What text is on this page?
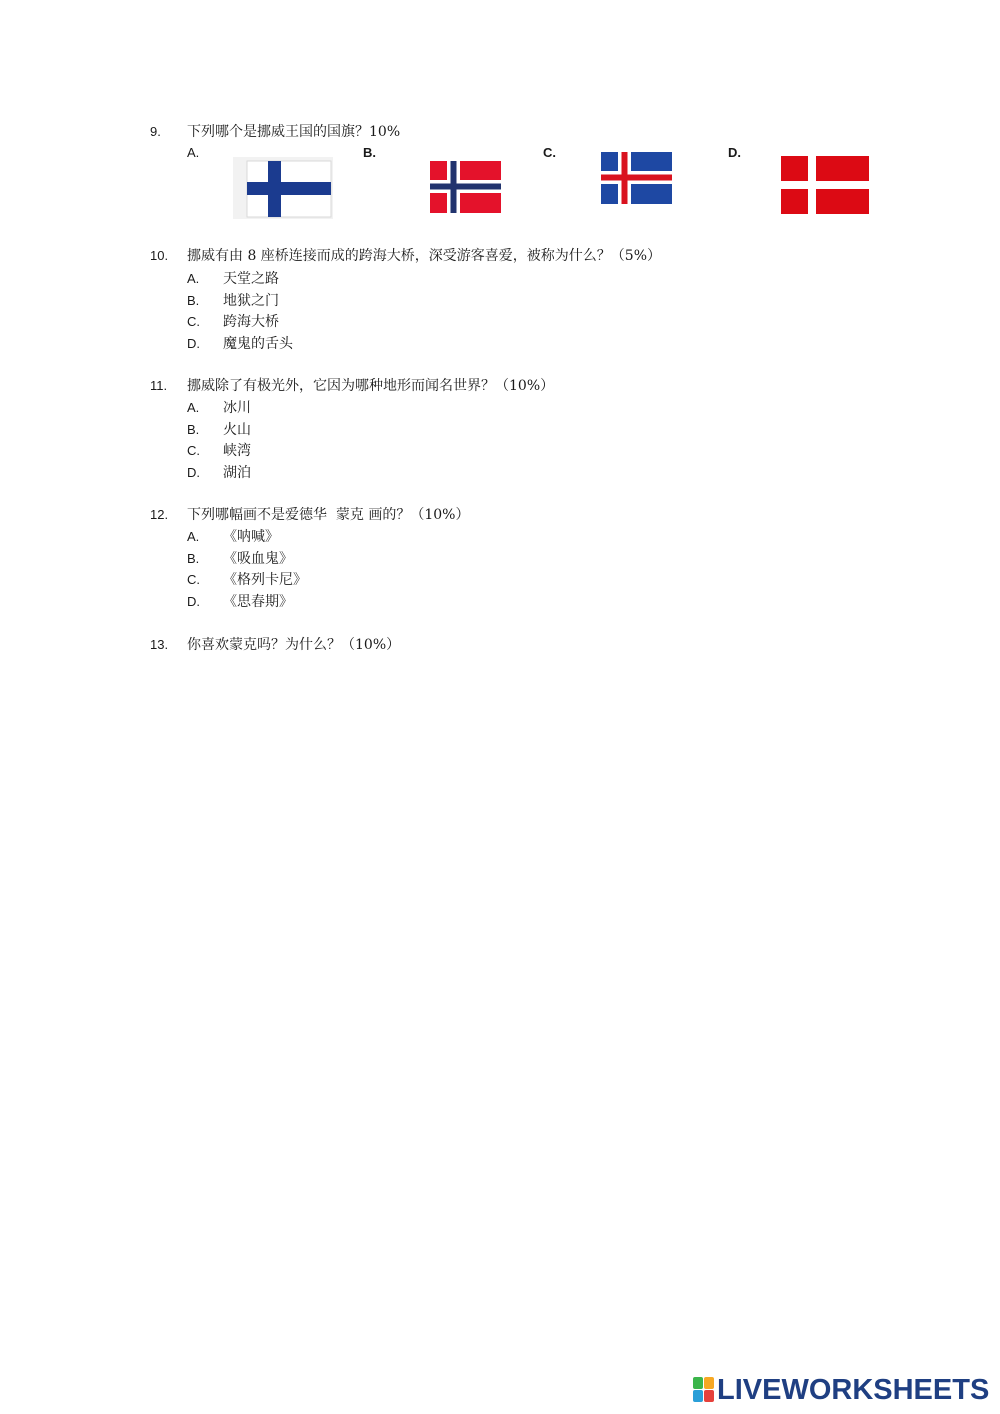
9. 下列哪个是挪威王国的国旗？10%
A.	B.	C.	D.
10. 挪威有由 8 座桥连接而成的跨海大桥，深受游客喜爱，被称为什么？（5%）
A. 天堂之路
B. 地狱之门
C. 跨海大桥
D. 魔鬼的舌头
11. 挪威除了有极光外，它因为哪种地形而闻名世界？（10%）
A. 冰川
B. 火山
C. 峡湾
D. 湖泊
12. 下列哪幅画不是爱德华  蒙克 画的？（10%）
A. 《呐喊》
B. 《吸血鬼》
C. 《格列卡尼》
D. 《思春期》
13. 你喜欢蒙克吗？为什么？（10%）
LIVEWORKSHEETS
